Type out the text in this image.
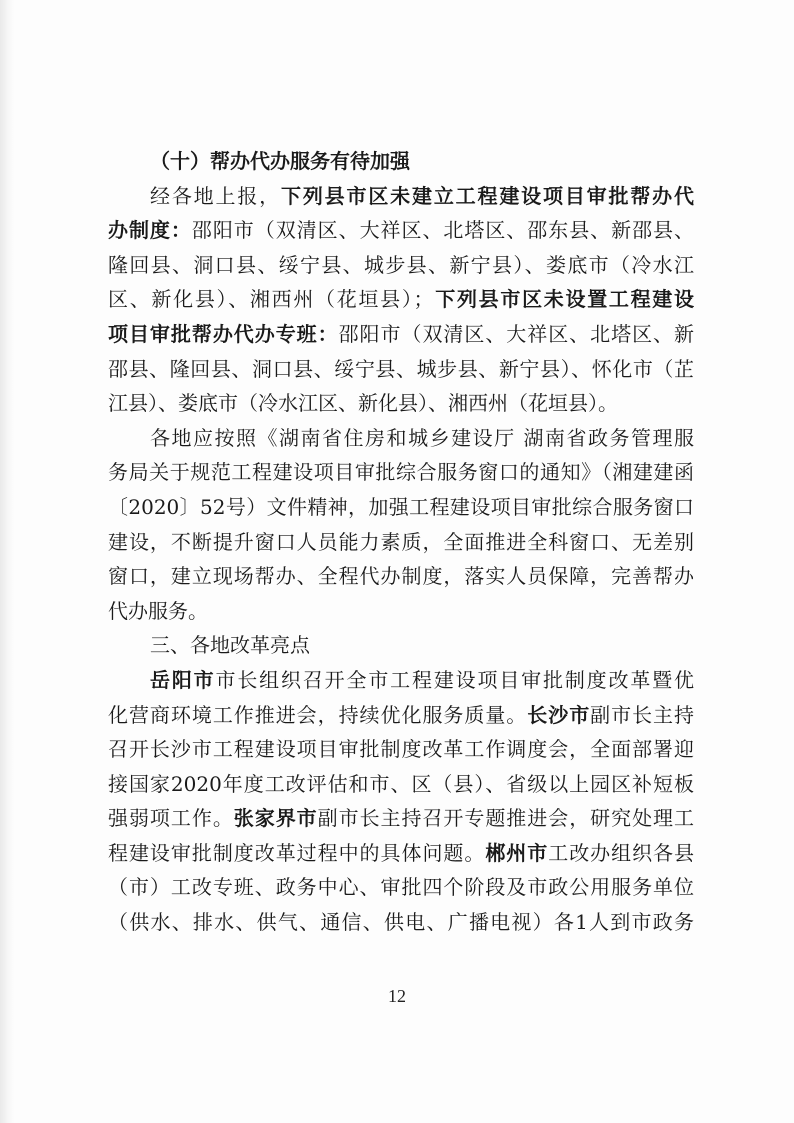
（十）帮办代办服务有待加强
经各地上报，下列县市区未建立工程建设项目审批帮办代
办制度：邵阳市（双清区、大祥区、北塔区、邵东县、新邵县、
隆回县、洞口县、绥宁县、城步县、新宁县）、娄底市（冷水江
区、新化县）、湘西州（花垣县）；下列县市区未设置工程建设
项目审批帮办代办专班：邵阳市（双清区、大祥区、北塔区、新
邵县、隆回县、洞口县、绥宁县、城步县、新宁县）、怀化市（芷
江县）、娄底市（冷水江区、新化县）、湘西州（花垣县）。
各地应按照《湖南省住房和城乡建设厅 湖南省政务管理服
务局关于规范工程建设项目审批综合服务窗口的通知》（湘建建函
〔2020〕52号）文件精神，加强工程建设项目审批综合服务窗口
建设，不断提升窗口人员能力素质，全面推进全科窗口、无差别
窗口，建立现场帮办、全程代办制度，落实人员保障，完善帮办
代办服务。
三、各地改革亮点
岳阳市市长组织召开全市工程建设项目审批制度改革暨优
化营商环境工作推进会，持续优化服务质量。长沙市副市长主持
召开长沙市工程建设项目审批制度改革工作调度会，全面部署迎
接国家2020年度工改评估和市、区（县）、省级以上园区补短板
强弱项工作。张家界市副市长主持召开专题推进会，研究处理工
程建设审批制度改革过程中的具体问题。郴州市工改办组织各县
（市）工改专班、政务中心、审批四个阶段及市政公用服务单位
（供水、排水、供气、通信、供电、广播电视）各1人到市政务
12
